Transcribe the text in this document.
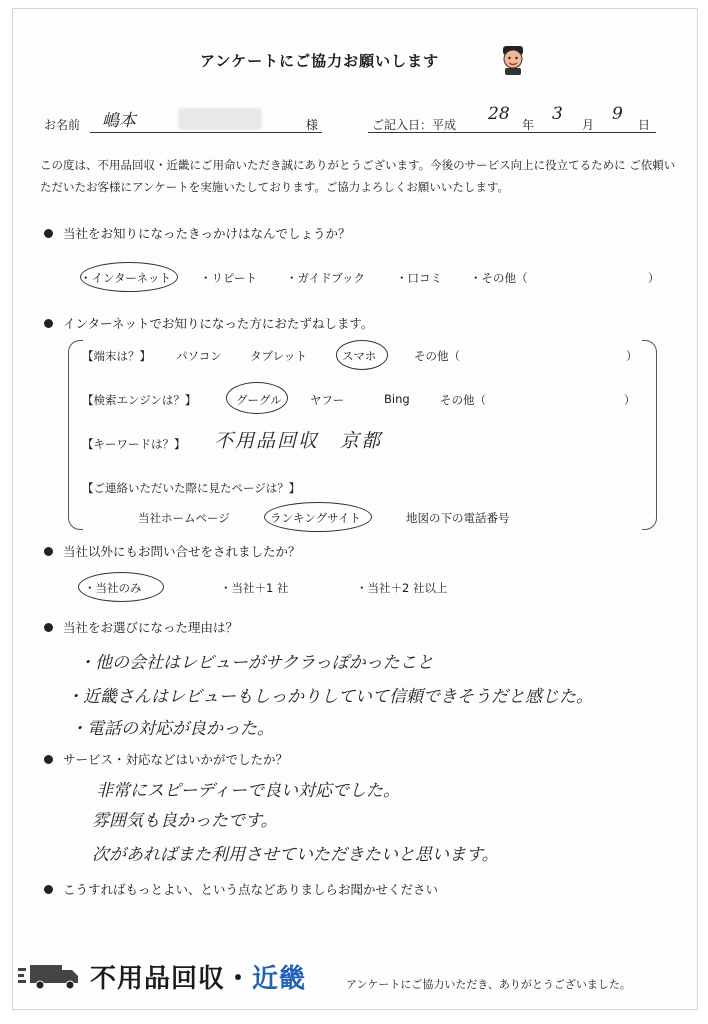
アンケートにご協力お願いします
お名前 嶋本	様	ご記入日：平成
28
年
3
月
9
日
この度は、不用品回収・近畿にご用命いただき誠にありがとうございます。今後のサービス向上に役立てるために ご依頼いただいたお客様にアンケートを実施いたしております。ご協力よろしくお願いいたします。
当社をお知りになったきっかけはなんでしょうか？
・インターネット	・リピート	・ガイドブック	・口コミ ・その他（	）
インターネットでお知りになった方におたずねします。
【端末は？】 パソコン タブレット	スマホ	その他（	）
【検索エンジンは？】	グーグル ヤフー	Bing	その他（	）
【キーワードは？】 不用品回収　京都
【ご連絡いただいた際に見たページは？】
当社ホームページ	ランキングサイト	地図の下の電話番号
当社以外にもお問い合せをされましたか？
・当社のみ	・当社＋1 社	・当社＋2 社以上
当社をお選びになった理由は？
・他の会社はレビューがサクラっぽかったこと
・近畿さんはレビューもしっかりしていて信頼できそうだと感じた。
・電話の対応が良かった。
サービス・対応などはいかがでしたか？
非常にスピーディーで良い対応でした。
雰囲気も良かったです。
次があればまた利用させていただきたいと思います。
こうすればもっとよい、という点などありましらお聞かせください
不用品回収・近畿	アンケートにご協力いただき、ありがとうございました。
